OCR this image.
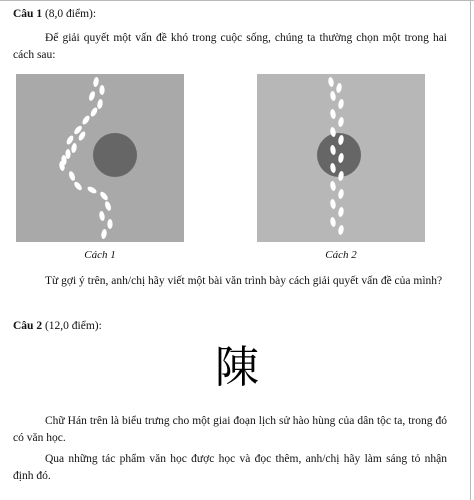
Câu 1 (8,0 điểm):
Để giải quyết một vấn đề khó trong cuộc sống, chúng ta thường chọn một trong hai cách sau:
Cách 1	Cách 2
Từ gợi ý trên, anh/chị hãy viết một bài văn trình bày cách giải quyết vấn đề của mình?
Câu 2 (12,0 điểm):
陳
Chữ Hán trên là biểu trưng cho một giai đoạn lịch sử hào hùng của dân tộc ta, trong đó có văn học.
Qua những tác phẩm văn học được học và đọc thêm, anh/chị hãy làm sáng tỏ nhận định đó.
